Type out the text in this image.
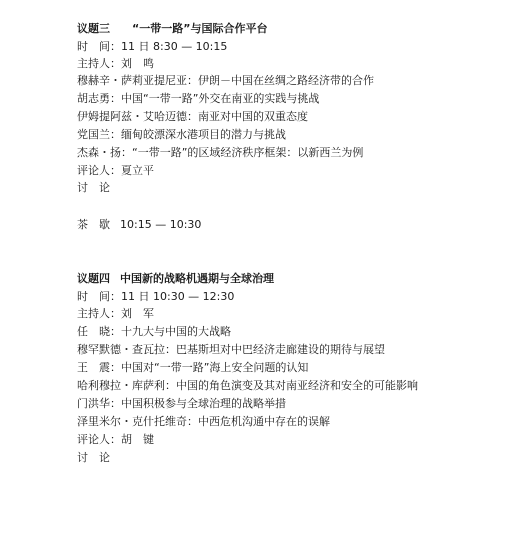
议题三 “一带一路”与国际合作平台
时　间：11 日 8:30 — 10:15
主持人：刘　鸣
穆赫辛・萨莉亚提尼亚：伊朗－中国在丝绸之路经济带的合作
胡志勇：中国“一带一路”外交在南亚的实践与挑战
伊姆提阿兹・艾哈迈德：南亚对中国的双重态度
党国兰：缅甸皎漂深水港项目的潜力与挑战
杰森・扬：“一带一路”的区域经济秩序框架：以新西兰为例
评论人：夏立平
讨　论
茶　歇 10:15 — 10:30
议题四 中国新的战略机遇期与全球治理
时　间：11 日 10:30 — 12:30
主持人：刘　军
任　晓：十九大与中国的大战略
穆罕默德・查瓦拉：巴基斯坦对中巴经济走廊建设的期待与展望
王　震：中国对“一带一路”海上安全问题的认知
哈利穆拉・库萨利：中国的角色演变及其对南亚经济和安全的可能影响
门洪华：中国积极参与全球治理的战略举措
泽里米尔・克什托维奇：中西危机沟通中存在的误解
评论人：胡　键
讨　论
